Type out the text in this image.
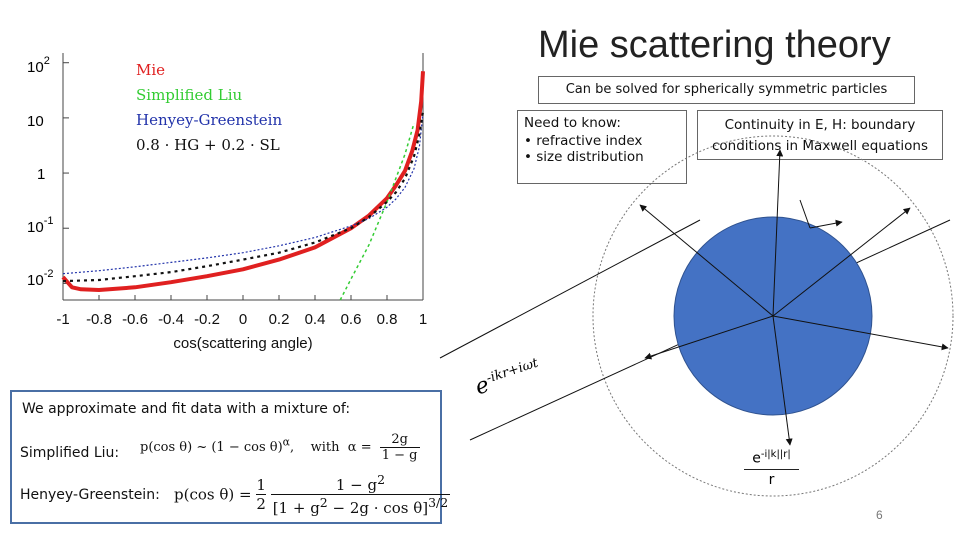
Mie scattering theory
Can be solved for spherically symmetric particles
Need to know:
• refractive index
• size distribution
Continuity in E, H: boundary
conditions in Maxwell equations
$10^{-2}$
$10^{-1}$
1
10
$10^2$
-1 -0.8 -0.6 -0.4 -0.2 0 0.2 0.4 0.6 0.8 1
cos(scattering angle)
Mie
Simplified Liu
Henyey-Greenstein
0.8 · HG + 0.2 · SL
We approximate and fit data with a mixture of:
Simplified Liu: p(cos θ) ~ $(1 - \cos \theta)^\alpha$,    with  $\alpha = \frac{2g}{1 - g}$
Henyey-Greenstein: p(cos $\theta) = \frac{1}{2}$
$\frac{1 - g^2}{[1 + g^2 - 2g \cdot \cos \theta]^{3/2}}$
$e^{-ikr+i\omega t}$
$e^{-i|k||r|}$
r
6
